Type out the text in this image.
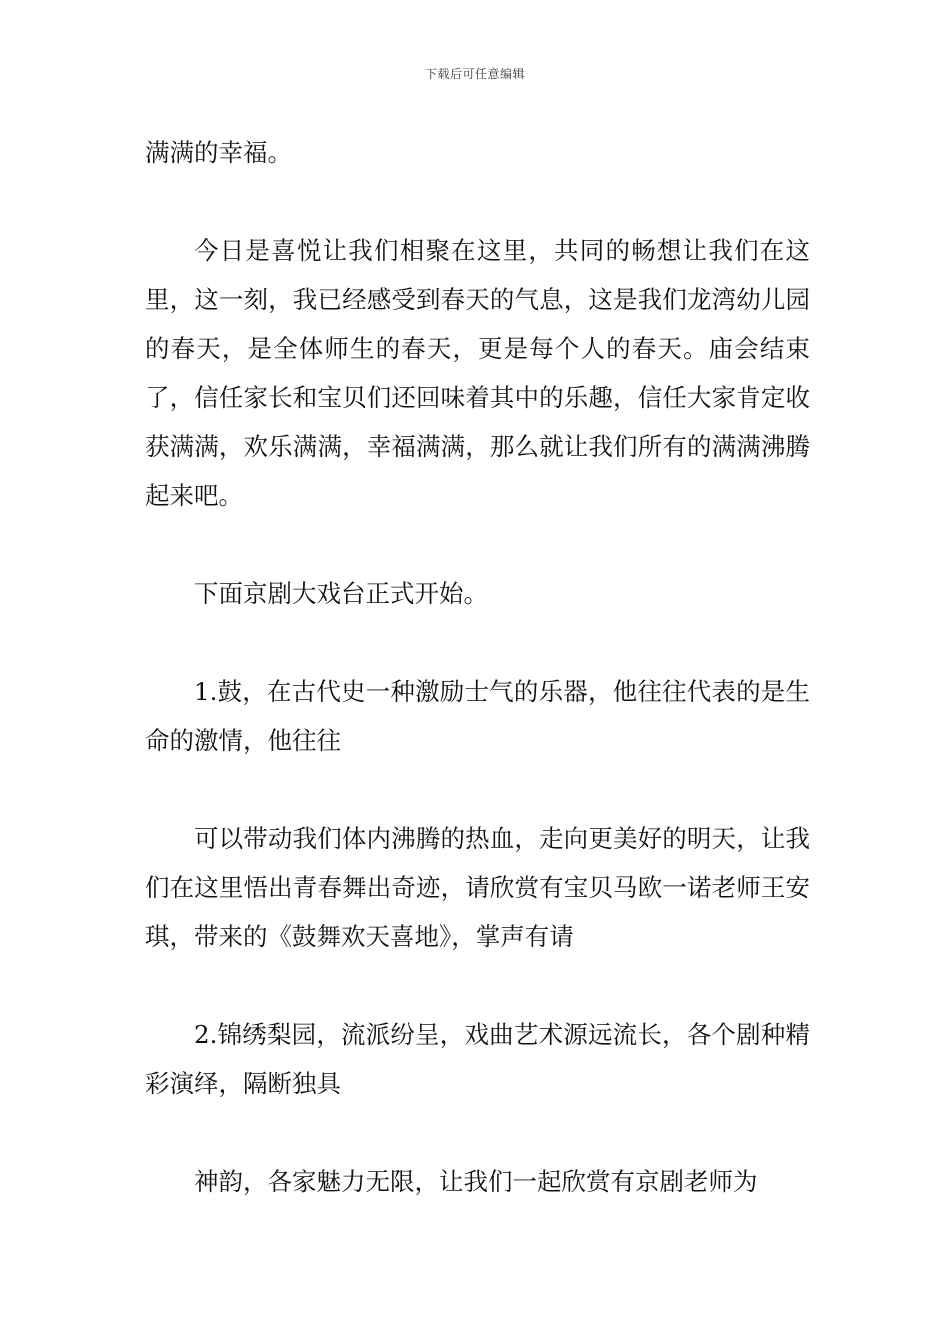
下载后可任意编辑

满满的幸福。

今日是喜悦让我们相聚在这里，共同的畅想让我们在这里，这一刻，我已经感受到春天的气息，这是我们龙湾幼儿园的春天，是全体师生的春天，更是每个人的春天。庙会结束了，信任家长和宝贝们还回味着其中的乐趣，信任大家肯定收获满满，欢乐满满，幸福满满，那么就让我们所有的满满沸腾起来吧。

下面京剧大戏台正式开始。

1.鼓，在古代史一种激励士气的乐器，他往往代表的是生命的激情，他往往

可以带动我们体内沸腾的热血，走向更美好的明天，让我们在这里悟出青春舞出奇迹，请欣赏有宝贝马欧一诺老师王安琪，带来的《鼓舞欢天喜地》，掌声有请

2.锦绣梨园，流派纷呈，戏曲艺术源远流长，各个剧种精彩演绎，隔断独具

神韵，各家魅力无限，让我们一起欣赏有京剧老师为
